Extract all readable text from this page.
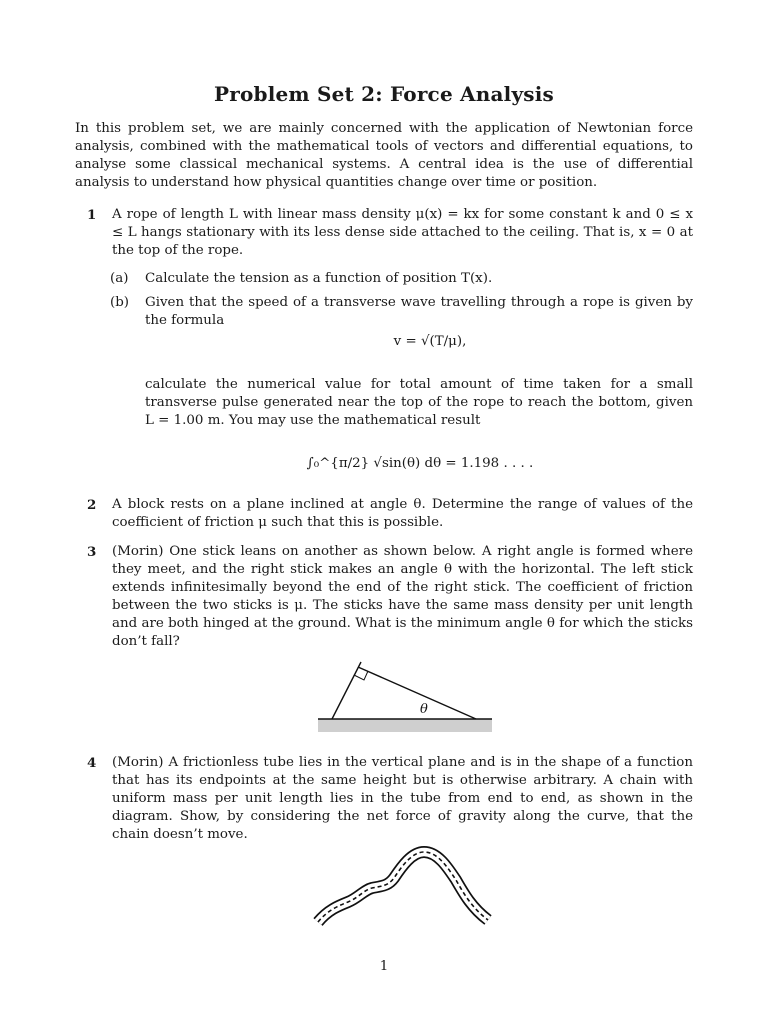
Problem Set 2: Force Analysis
In this problem set, we are mainly concerned with the application of Newtonian force analysis, combined with the mathematical tools of vectors and differential equations, to analyse some classical mechanical systems. A central idea is the use of differential analysis to understand how physical quantities change over time or position.
1 A rope of length L with linear mass density μ(x) = kx for some constant k and 0 ≤ x ≤ L hangs stationary with its less dense side attached to the ceiling. That is, x = 0 at the top of the rope.
(a) Calculate the tension as a function of position T(x).
(b) Given that the speed of a transverse wave travelling through a rope is given by the formula
v = √(T/μ),
calculate the numerical value for total amount of time taken for a small transverse pulse generated near the top of the rope to reach the bottom, given L = 1.00 m. You may use the mathematical result
∫₀^{π/2} √sin(θ) dθ = 1.198 . . . .
2 A block rests on a plane inclined at angle θ. Determine the range of values of the coefficient of friction μ such that this is possible.
3 (Morin) One stick leans on another as shown below. A right angle is formed where they meet, and the right stick makes an angle θ with the horizontal. The left stick extends infinitesimally beyond the end of the right stick. The coefficient of friction between the two sticks is μ. The sticks have the same mass density per unit length and are both hinged at the ground. What is the minimum angle θ for which the sticks don’t fall?
θ
4 (Morin) A frictionless tube lies in the vertical plane and is in the shape of a function that has its endpoints at the same height but is otherwise arbitrary. A chain with uniform mass per unit length lies in the tube from end to end, as shown in the diagram. Show, by considering the net force of gravity along the curve, that the chain doesn’t move.
1
